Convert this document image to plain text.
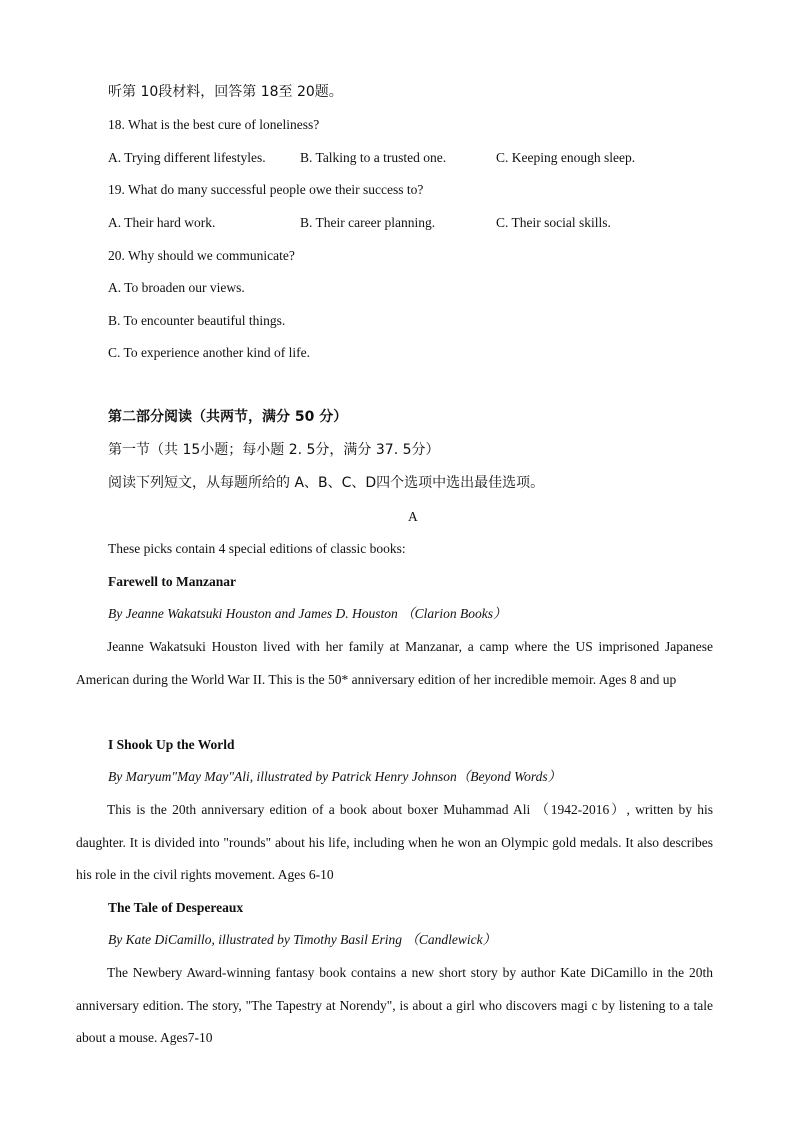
听第 10段材料，回答第 18至 20题。
18. What is the best cure of loneliness?
A. Trying different lifestyles.	B. Talking to a trusted one.	C. Keeping enough sleep.
19. What do many successful people owe their success to?
A. Their hard work.	B. Their career planning.	C. Their social skills.
20. Why should we communicate?
A. To broaden our views.
B. To encounter beautiful things.
C. To experience another kind of life.
第二部分阅读（共两节，满分 50 分）
第一节（共 15小题；每小题 2. 5分，满分 37. 5分）
阅读下列短文，从每题所给的 A、B、C、D四个选项中选出最佳选项。
A
These picks contain 4 special editions of classic books:
Farewell to Manzanar
By Jeanne Wakatsuki Houston and James D. Houston （Clarion Books）
Jeanne Wakatsuki Houston lived with her family at Manzanar, a camp where the US imprisoned Japanese American during the World War II. This is the 50* anniversary edition of her incredible memoir. Ages 8 and up
I Shook Up the World
By Maryum"May May"Ali, illustrated by Patrick Henry Johnson（Beyond Words）
This is the 20th anniversary edition of a book about boxer Muhammad Ali （1942-2016）, written by his daughter. It is divided into "rounds" about his life, including when he won an Olympic gold medals. It also describes his role in the civil rights movement. Ages 6-10
The Tale of Despereaux
By Kate DiCamillo, illustrated by Timothy Basil Ering （Candlewick）
The Newbery Award-winning fantasy book contains a new short story by author Kate DiCamillo in the 20th anniversary edition. The story, "The Tapestry at Norendy", is about a girl who discovers magi c by listening to a tale about a mouse. Ages7-10
